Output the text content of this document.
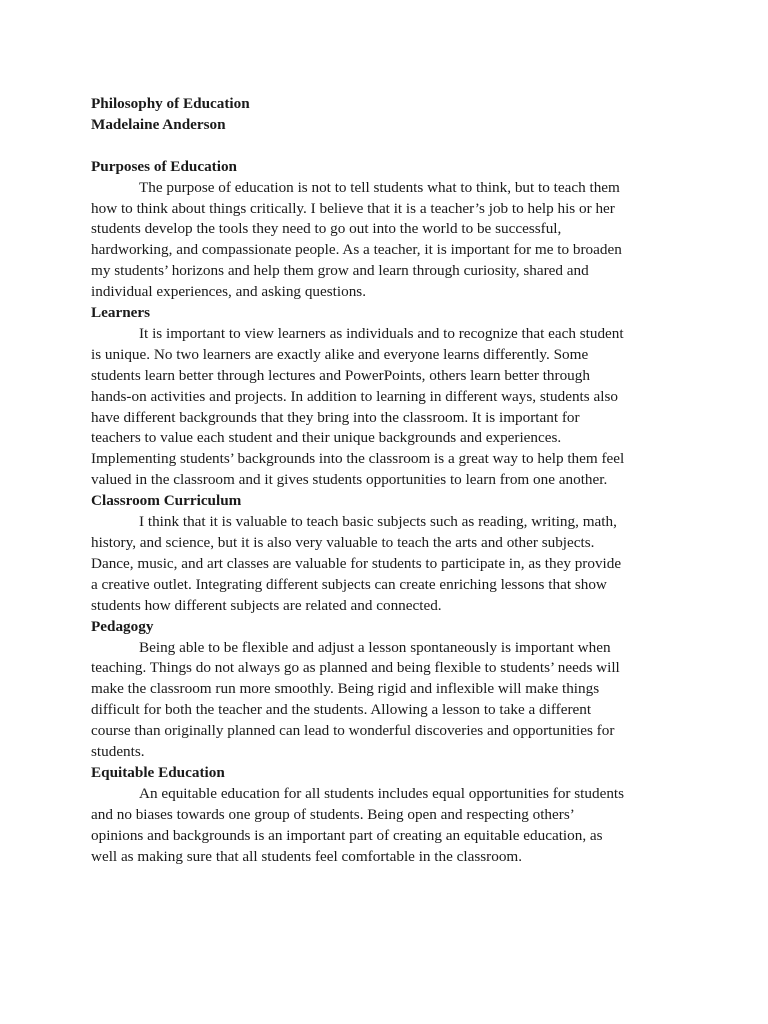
Philosophy of Education
Madelaine Anderson
Purposes of Education
The purpose of education is not to tell students what to think, but to teach them
how to think about things critically. I believe that it is a teacher’s job to help his or her
students develop the tools they need to go out into the world to be successful,
hardworking, and compassionate people. As a teacher, it is important for me to broaden
my students’ horizons and help them grow and learn through curiosity, shared and
individual experiences, and asking questions.
Learners
It is important to view learners as individuals and to recognize that each student
is unique. No two learners are exactly alike and everyone learns differently. Some
students learn better through lectures and PowerPoints, others learn better through
hands-on activities and projects. In addition to learning in different ways, students also
have different backgrounds that they bring into the classroom. It is important for
teachers to value each student and their unique backgrounds and experiences.
Implementing students’ backgrounds into the classroom is a great way to help them feel
valued in the classroom and it gives students opportunities to learn from one another.
Classroom Curriculum
I think that it is valuable to teach basic subjects such as reading, writing, math,
history, and science, but it is also very valuable to teach the arts and other subjects.
Dance, music, and art classes are valuable for students to participate in, as they provide
a creative outlet. Integrating different subjects can create enriching lessons that show
students how different subjects are related and connected.
Pedagogy
Being able to be flexible and adjust a lesson spontaneously is important when
teaching. Things do not always go as planned and being flexible to students’ needs will
make the classroom run more smoothly. Being rigid and inflexible will make things
difficult for both the teacher and the students. Allowing a lesson to take a different
course than originally planned can lead to wonderful discoveries and opportunities for
students.
Equitable Education
An equitable education for all students includes equal opportunities for students
and no biases towards one group of students. Being open and respecting others’
opinions and backgrounds is an important part of creating an equitable education, as
well as making sure that all students feel comfortable in the classroom.
